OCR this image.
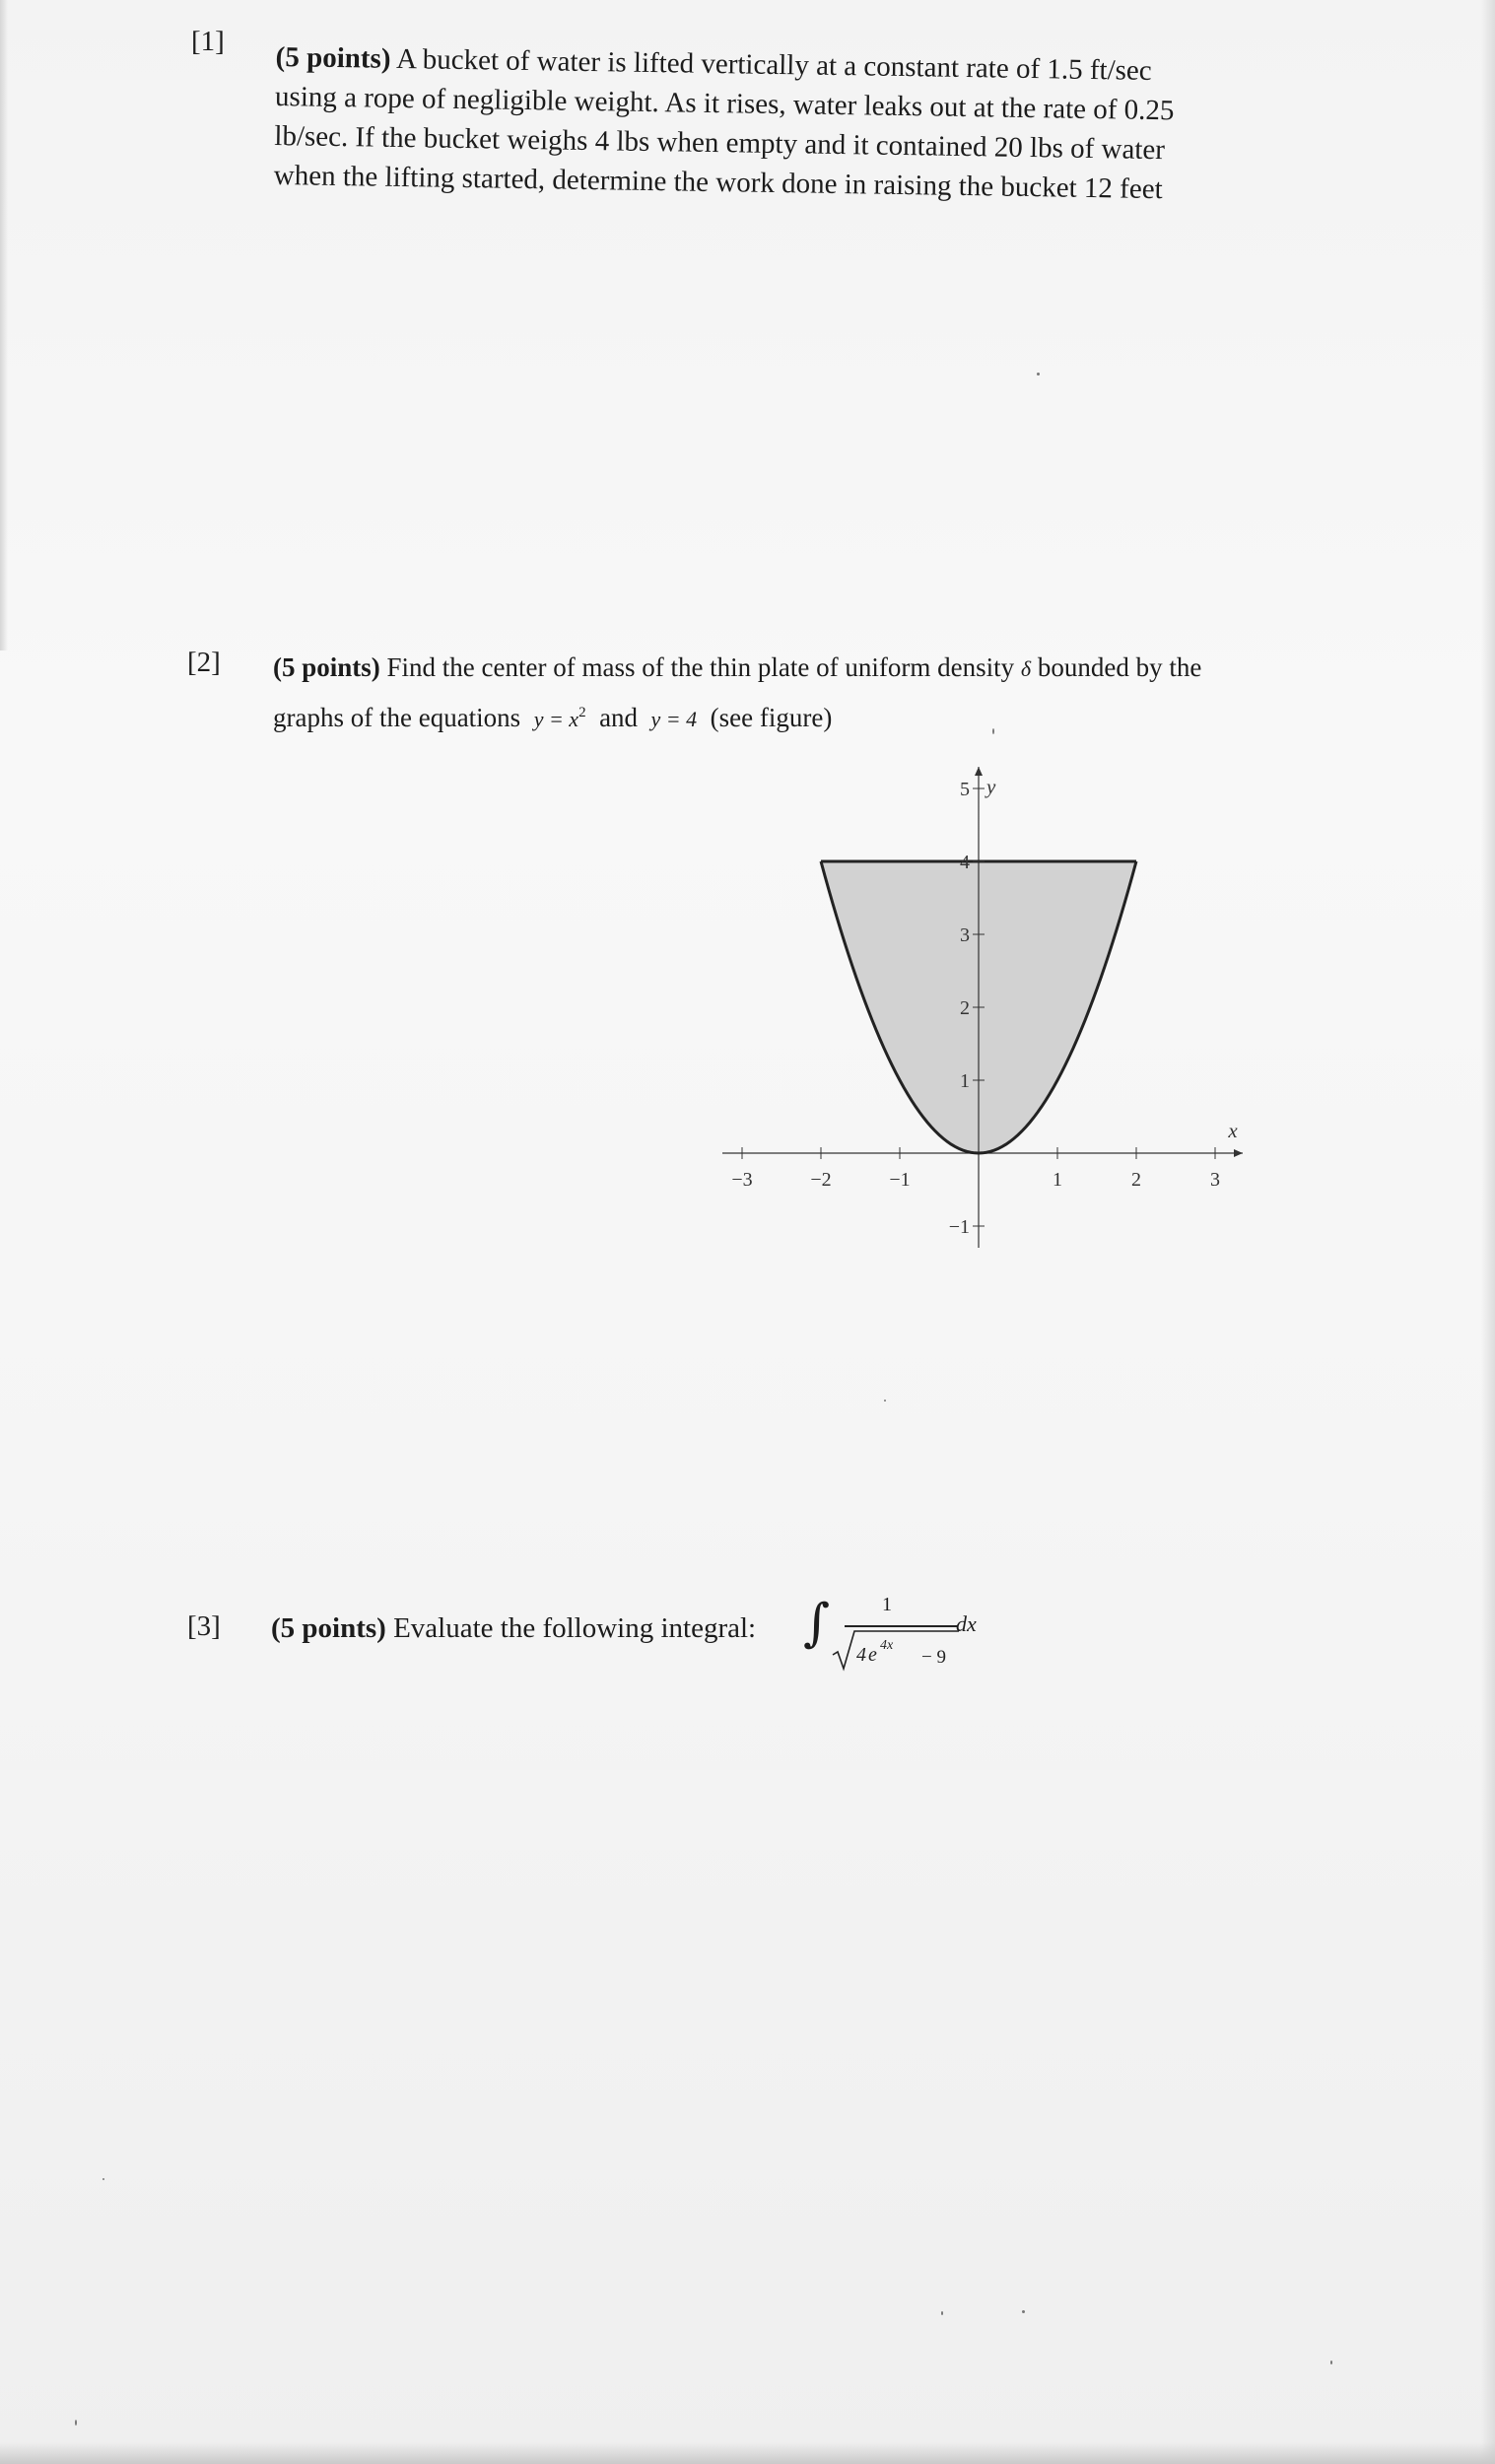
[1] (5 points) A bucket of water is lifted vertically at a constant rate of 1.5 ft/sec
using a rope of negligible weight. As it rises, water leaks out at the rate of 0.25
lb/sec. If the bucket weighs 4 lbs when empty and it contained 20 lbs of water
when the lifting started, determine the work done in raising the bucket 12 feet
[2] (5 points) Find the center of mass of the thin plate of uniform density δ bounded by the
graphs of the equations $y = x^2$ and y = 4 (see figure)
−3	−2	−1	1	2	3
−1
1
2
3
4
5
x
y
[3] (5 points) Evaluate the following integral: ∫	1
4 e 4x
− 9
dx
